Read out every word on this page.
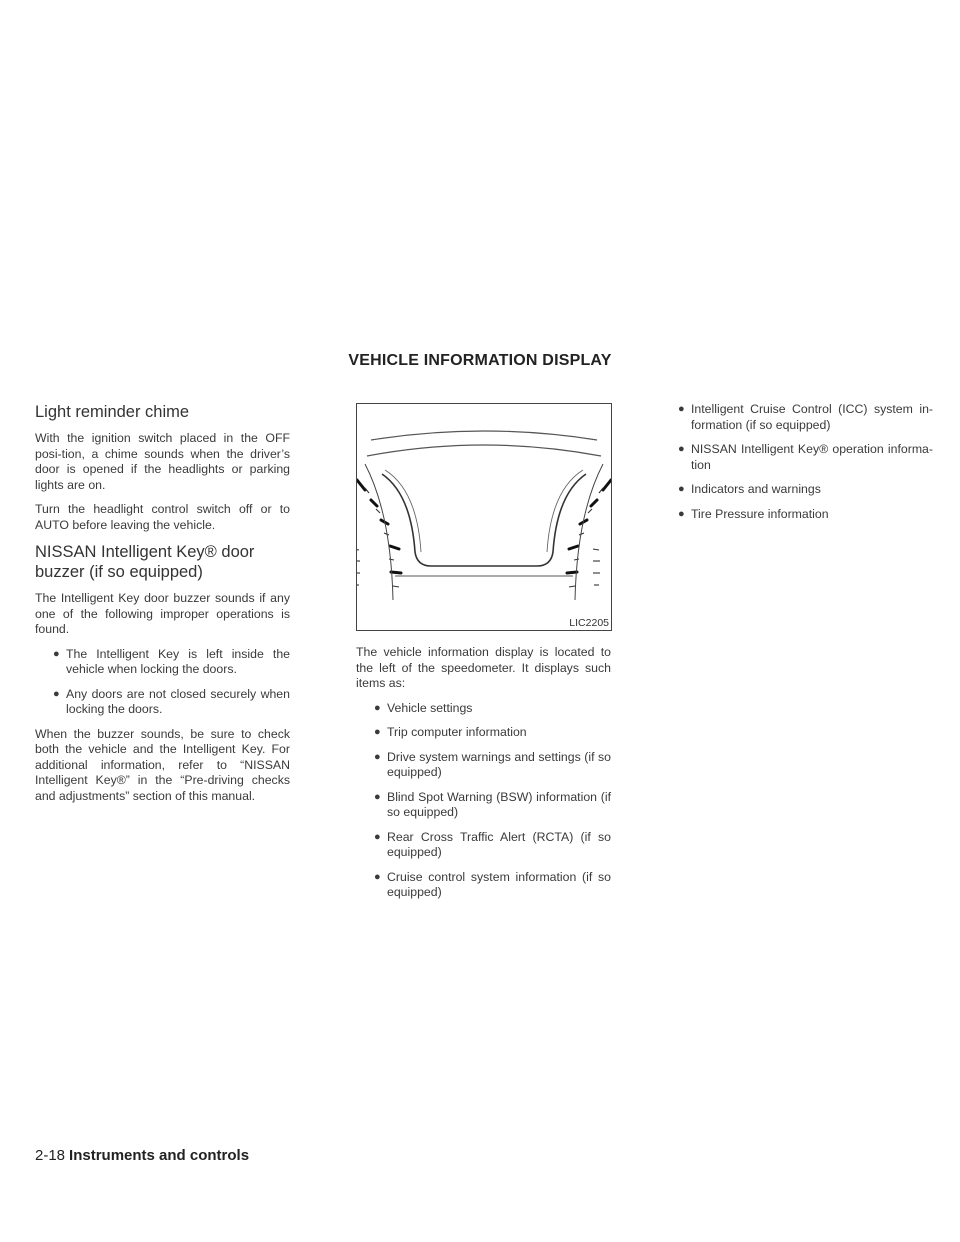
VEHICLE INFORMATION DISPLAY
Light reminder chime

With the ignition switch placed in the OFF posi-tion, a chime sounds when the driver’s door is opened if the headlights or parking lights are on.

Turn the headlight control switch off or to AUTO before leaving the vehicle.

NISSAN Intelligent Key® door buzzer (if so equipped)

The Intelligent Key door buzzer sounds if any one of the following improper operations is found.

● The Intelligent Key is left inside the vehicle when locking the doors.
● Any doors are not closed securely when locking the doors.

When the buzzer sounds, be sure to check both the vehicle and the Intelligent Key. For additional information, refer to “NISSAN Intelligent Key®” in the “Pre-driving checks and adjustments” section of this manual.

LIC2205

The vehicle information display is located to the left of the speedometer. It displays such items as:

● Vehicle settings
● Trip computer information
● Drive system warnings and settings (if so equipped)
● Blind Spot Warning (BSW) information (if so equipped)
● Rear Cross Traffic Alert (RCTA) (if so equipped)
● Cruise control system information (if so equipped)
● Intelligent Cruise Control (ICC) system in-formation (if so equipped)
● NISSAN Intelligent Key® operation informa-tion
● Indicators and warnings
● Tire Pressure information
2-18 Instruments and controls
